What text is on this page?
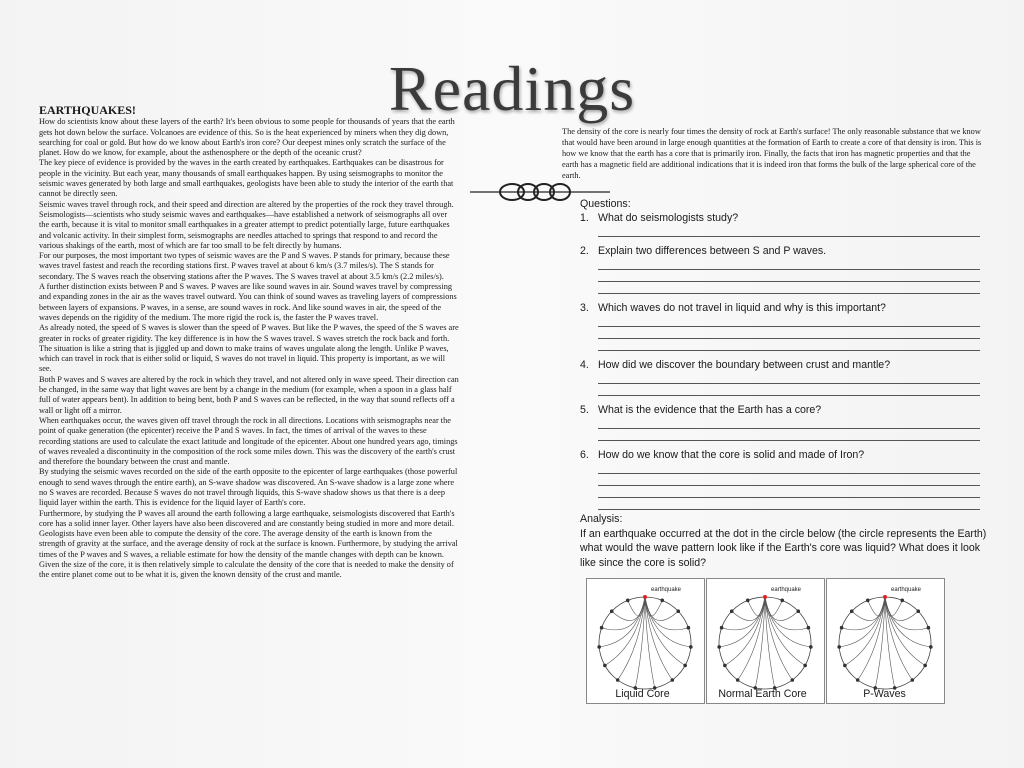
Readings
EARTHQUAKES!

How do scientists know about these layers of the earth? It's been obvious to some people for thousands of years that the earth gets hot down below the surface. Volcanoes are evidence of this. So is the heat experienced by miners when they dig down, searching for coal or gold. But how do we know about Earth's iron core? Our deepest mines only scratch the surface of the planet. How do we know, for example, about the asthenosphere or the depth of the oceanic crust?

The key piece of evidence is provided by the waves in the earth created by earthquakes. Earthquakes can be disastrous for people in the vicinity. But each year, many thousands of small earthquakes happen. By using seismographs to monitor the seismic waves generated by both large and small earthquakes, geologists have been able to study the interior of the earth that cannot be directly seen.

Seismic waves travel through rock, and their speed and direction are altered by the properties of the rock they travel through.

Seismologists—scientists who study seismic waves and earthquakes—have established a network of seismographs all over the earth, because it is vital to monitor small earthquakes in a greater attempt to predict potentially large, future earthquakes and volcanic activity. In their simplest form, seismographs are needles attached to springs that respond to and record the various shakings of the earth, most of which are far too small to be felt directly by humans.

For our purposes, the most important two types of seismic waves are the P and S waves. P stands for primary, because these waves travel fastest and reach the recording stations first. P waves travel at about 6 km/s (3.7 miles/s). The S stands for secondary. The S waves reach the observing stations after the P waves. The S waves travel at about 3.5 km/s (2.2 miles/s).

A further distinction exists between P and S waves. P waves are like sound waves in air. Sound waves travel by compressing and expanding zones in the air as the waves travel outward. You can think of sound waves as traveling layers of compressions between layers of expansions. P waves, in a sense, are sound waves in rock. And like sound waves in air, the speed of the waves depends on the rigidity of the medium. The more rigid the rock is, the faster the P waves travel.

As already noted, the speed of S waves is slower than the speed of P waves. But like the P waves, the speed of the S waves are greater in rocks of greater rigidity. The key difference is in how the S waves travel. S waves stretch the rock back and forth. The situation is like a string that is jiggled up and down to make trains of waves ungulate along the length. Unlike P waves, which can travel in rock that is either solid or liquid, S waves do not travel in liquid. This property is important, as we will see.

Both P waves and S waves are altered by the rock in which they travel, and not altered only in wave speed. Their direction can be changed, in the same way that light waves are bent by a change in the medium (for example, when a spoon in a glass half full of water appears bent). In addition to being bent, both P and S waves can be reflected, in the way that sound reflects off a wall or light off a mirror.

When earthquakes occur, the waves given off travel through the rock in all directions. Locations with seismographs near the point of quake generation (the epicenter) receive the P and S waves. In fact, the times of arrival of the waves to these recording stations are used to calculate the exact latitude and longitude of the epicenter. About one hundred years ago, timings of waves revealed a discontinuity in the composition of the rock some miles down. This was the discovery of the earth's crust and therefore the boundary between the crust and mantle.

By studying the seismic waves recorded on the side of the earth opposite to the epicenter of large earthquakes (those powerful enough to send waves through the entire earth), an S-wave shadow was discovered. An S-wave shadow is a large zone where no S waves are recorded. Because S waves do not travel through liquids, this S-wave shadow shows us that there is a deep liquid layer within the earth. This is evidence for the liquid layer of Earth's core.

Furthermore, by studying the P waves all around the earth following a large earthquake, seismologists discovered that Earth's core has a solid inner layer. Other layers have also been discovered and are constantly being studied in more and more detail.

Geologists have even been able to compute the density of the core. The average density of the earth is known from the strength of gravity at the surface, and the average density of rock at the surface is known. Furthermore, by studying the arrival times of the P waves and S waves, a reliable estimate for how the density of the mantle changes with depth can be known. Given the size of the core, it is then relatively simple to calculate the density of the core that is needed to make the density of the entire planet come out to be what it is, given the known density of the crust and mantle.

The density of the core is nearly four times the density of rock at Earth's surface! The only reasonable substance that we know that would have been around in large enough quantities at the formation of Earth to create a core of that density is iron. This is how we know that the earth has a core that is primarily iron. Finally, the facts that iron has magnetic properties and that the earth has a magnetic field are additional indications that it is indeed iron that forms the bulk of the large spherical core of the earth.

Questions:
1. What do seismologists study?
2. Explain two differences between S and P waves.
3. Which waves do not travel in liquid and why is this important?
4. How did we discover the boundary between crust and mantle?
5. What is the evidence that the Earth has a core?
6. How do we know that the core is solid and made of Iron?

Analysis:

If an earthquake occurred at the dot in the circle below (the circle represents the Earth) what would the wave pattern look like if the Earth's core was liquid? What does it look like since the core is solid?

earthquake	earthquake	earthquake
Liquid Core	Normal Earth Core	P-Waves
